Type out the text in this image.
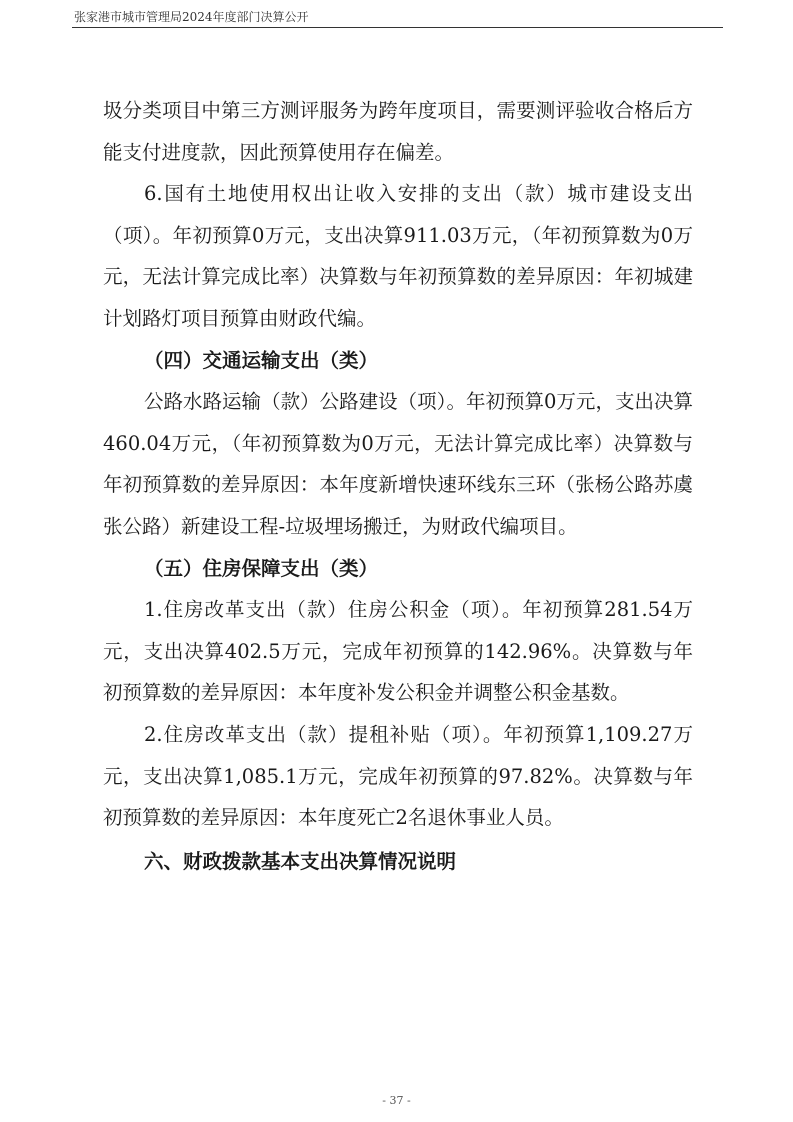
张家港市城市管理局2024年度部门决算公开

圾分类项目中第三方测评服务为跨年度项目，需要测评验收合格后方能支付进度款，因此预算使用存在偏差。

6.国有土地使用权出让收入安排的支出（款）城市建设支出（项）。年初预算0万元，支出决算911.03万元，（年初预算数为0万元，无法计算完成比率）决算数与年初预算数的差异原因：年初城建计划路灯项目预算由财政代编。

（四）交通运输支出（类）

公路水路运输（款）公路建设（项）。年初预算0万元，支出决算460.04万元，（年初预算数为0万元，无法计算完成比率）决算数与年初预算数的差异原因：本年度新增快速环线东三环（张杨公路苏虞张公路）新建设工程-垃圾埋场搬迁，为财政代编项目。

（五）住房保障支出（类）

1.住房改革支出（款）住房公积金（项）。年初预算281.54万元，支出决算402.5万元，完成年初预算的142.96%。决算数与年初预算数的差异原因：本年度补发公积金并调整公积金基数。

2.住房改革支出（款）提租补贴（项）。年初预算1,109.27万元，支出决算1,085.1万元，完成年初预算的97.82%。决算数与年初预算数的差异原因：本年度死亡2名退休事业人员。

六、财政拨款基本支出决算情况说明

- 37 -
